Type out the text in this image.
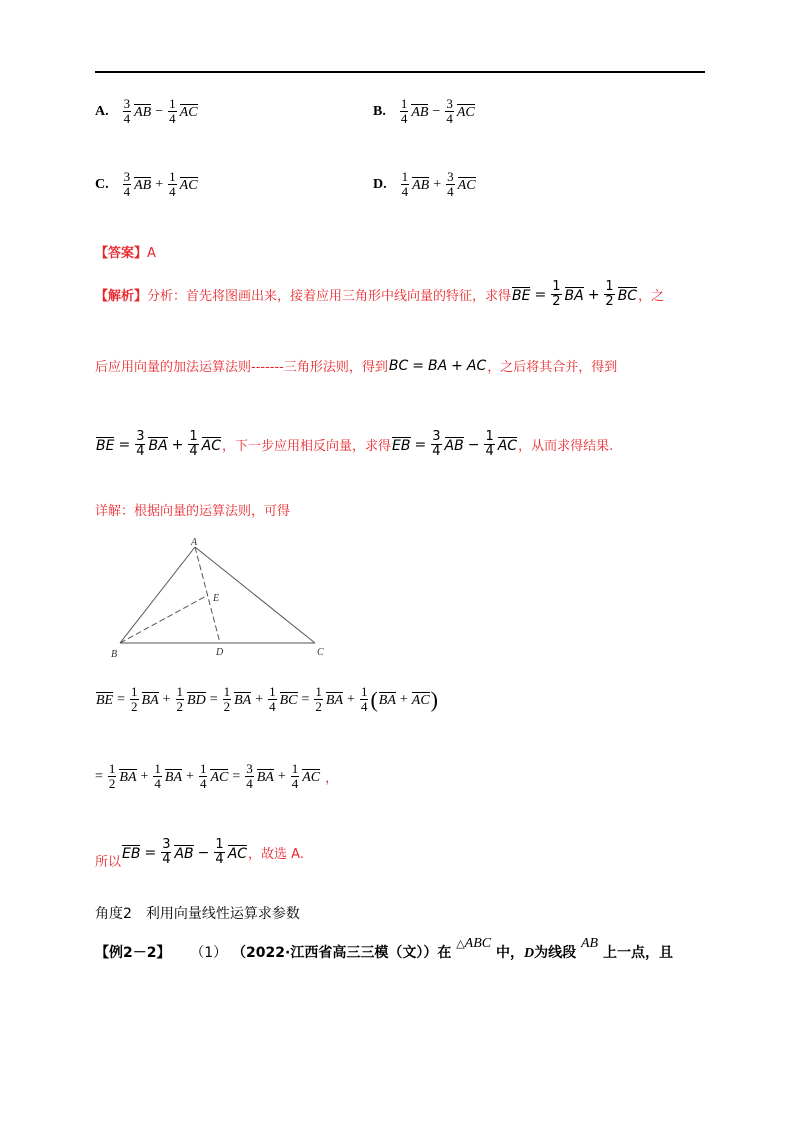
A. $\frac{3}{4}$ AB − $\frac{1}{4}$ AC	B. $\frac{1}{4}$ AB − $\frac{3}{4}$ AC
C. $\frac{3}{4}$ AB + $\frac{1}{4}$ AC	D. $\frac{1}{4}$ AB + $\frac{3}{4}$ AC
【答案】A
【解析】 分析：首先将图画出来，接着应用三角形中线向量的特征，求得 BE = $\frac{1}{2}$ BA + $\frac{1}{2}$ BC ，之
后应用向量的加法运算法则-------三角形法则，得到 BC = BA + AC ，之后将其合并，得到
BE = $\frac{3}{4}$ BA + $\frac{1}{4}$ AC ，下一步应用相反向量，求得 EB = $\frac{3}{4}$ AB − $\frac{1}{4}$ AC ，从而求得结果.
详解：根据向量的运算法则，可得
A
B	C
D
E
BE = $\frac{1}{2}$ BA + $\frac{1}{2}$ BD = $\frac{1}{2}$ BA + $\frac{1}{4}$ BC = $\frac{1}{2}$ BA + $\frac{1}{4}$ ( BA + AC )
= $\frac{1}{2}$ BA + $\frac{1}{4}$ BA + $\frac{1}{4}$ AC = $\frac{3}{4}$ BA + $\frac{1}{4}$ AC ，
所以
EB = $\frac{3}{4}$ AB − $\frac{1}{4}$ AC ，故选 A.
角度2　利用向量线性运算求参数
【例2－2】 （1） （2022·江西省高三三模（文））在 △ABC 中，D为线段 AB 上一点，且
